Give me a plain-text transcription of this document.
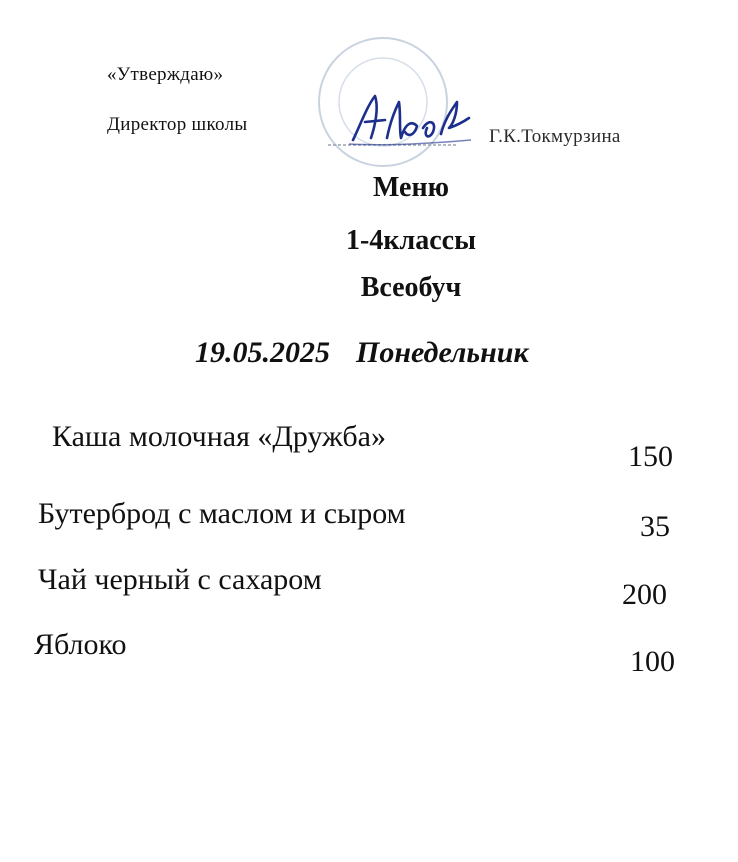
«Утверждаю»
Директор школы
Г.К.Токмурзина
Меню
1-4классы
Всеобуч
19.05.2025 Понедельник
Каша молочная «Дружба»
150
Бутерброд с маслом и сыром	35
Чай черный с сахаром	200
Яблоко
100
